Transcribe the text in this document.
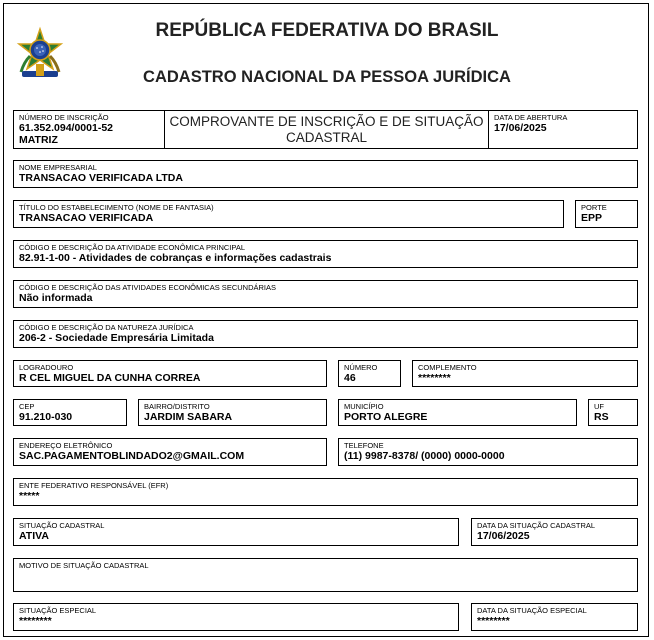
REPÚBLICA FEDERATIVA DO BRASIL
CADASTRO NACIONAL DA PESSOA JURÍDICA
NÚMERO DE INSCRIÇÃO
61.352.094/0001-52
MATRIZ
COMPROVANTE DE INSCRIÇÃO E DE SITUAÇÃO
CADASTRAL
DATA DE ABERTURA
17/06/2025
NOME EMPRESARIAL
TRANSACAO VERIFICADA LTDA
TÍTULO DO ESTABELECIMENTO (NOME DE FANTASIA)
TRANSACAO VERIFICADA
PORTE
EPP
CÓDIGO E DESCRIÇÃO DA ATIVIDADE ECONÔMICA PRINCIPAL
82.91-1-00 - Atividades de cobranças e informações cadastrais
CÓDIGO E DESCRIÇÃO DAS ATIVIDADES ECONÔMICAS SECUNDÁRIAS
Não informada
CÓDIGO E DESCRIÇÃO DA NATUREZA JURÍDICA
206-2 - Sociedade Empresária Limitada
LOGRADOURO
R CEL MIGUEL DA CUNHA CORREA
NÚMERO
46
COMPLEMENTO
********
CEP
91.210-030
BAIRRO/DISTRITO
JARDIM SABARA
MUNICÍPIO
PORTO ALEGRE
UF
RS
ENDEREÇO ELETRÔNICO
SAC.PAGAMENTOBLINDADO2@GMAIL.COM
TELEFONE
(11) 9987-8378/ (0000) 0000-0000
ENTE FEDERATIVO RESPONSÁVEL (EFR)
*****
SITUAÇÃO CADASTRAL
ATIVA
DATA DA SITUAÇÃO CADASTRAL
17/06/2025
MOTIVO DE SITUAÇÃO CADASTRAL
SITUAÇÃO ESPECIAL
********
DATA DA SITUAÇÃO ESPECIAL
********
